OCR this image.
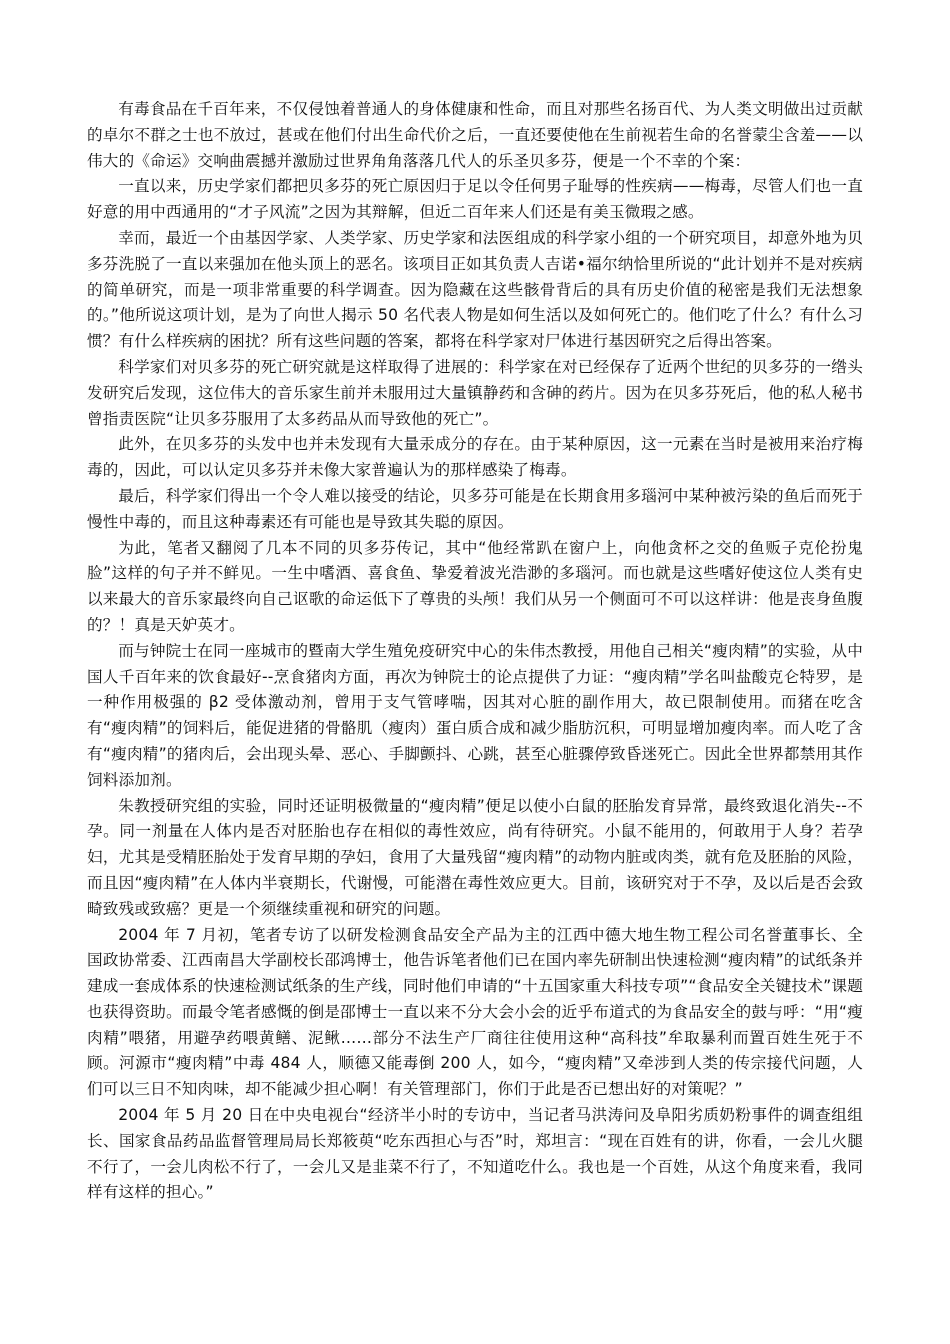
有毒食品在千百年来，不仅侵蚀着普通人的身体健康和性命，而且对那些名扬百代、为人类文明做出过贡献的卓尔不群之士也不放过，甚或在他们付出生命代价之后，一直还要使他在生前视若生命的名誉蒙尘含羞——以伟大的《命运》交响曲震撼并激励过世界角角落落几代人的乐圣贝多芬，便是一个不幸的个案：

一直以来，历史学家们都把贝多芬的死亡原因归于足以令任何男子耻辱的性疾病——梅毒，尽管人们也一直好意的用中西通用的“才子风流”之因为其辩解，但近二百年来人们还是有美玉微瑕之感。

幸而，最近一个由基因学家、人类学家、历史学家和法医组成的科学家小组的一个研究项目，却意外地为贝多芬洗脱了一直以来强加在他头顶上的恶名。该项目正如其负责人吉诺•福尔纳恰里所说的“此计划并不是对疾病的简单研究，而是一项非常重要的科学调查。因为隐藏在这些骸骨背后的具有历史价值的秘密是我们无法想象的。”他所说这项计划，是为了向世人揭示 50 名代表人物是如何生活以及如何死亡的。他们吃了什么？有什么习惯？有什么样疾病的困扰？所有这些问题的答案，都将在科学家对尸体进行基因研究之后得出答案。

科学家们对贝多芬的死亡研究就是这样取得了进展的：科学家在对已经保存了近两个世纪的贝多芬的一绺头发研究后发现，这位伟大的音乐家生前并未服用过大量镇静药和含砷的药片。因为在贝多芬死后，他的私人秘书曾指责医院“让贝多芬服用了太多药品从而导致他的死亡”。

此外，在贝多芬的头发中也并未发现有大量汞成分的存在。由于某种原因，这一元素在当时是被用来治疗梅毒的，因此，可以认定贝多芬并未像大家普遍认为的那样感染了梅毒。

最后，科学家们得出一个令人难以接受的结论，贝多芬可能是在长期食用多瑙河中某种被污染的鱼后而死于慢性中毒的，而且这种毒素还有可能也是导致其失聪的原因。

为此，笔者又翻阅了几本不同的贝多芬传记，其中“他经常趴在窗户上，向他贪杯之交的鱼贩子克伦扮鬼脸”这样的句子并不鲜见。一生中嗜酒、喜食鱼、挚爱着波光浩渺的多瑙河。而也就是这些嗜好使这位人类有史以来最大的音乐家最终向自己讴歌的命运低下了尊贵的头颅！我们从另一个侧面可不可以这样讲：他是丧身鱼腹的？！真是天妒英才。

而与钟院士在同一座城市的暨南大学生殖免疫研究中心的朱伟杰教授，用他自己相关“瘦肉精”的实验，从中国人千百年来的饮食最好--烹食猪肉方面，再次为钟院士的论点提供了力证：“瘦肉精”学名叫盐酸克仑特罗，是一种作用极强的 β2 受体激动剂，曾用于支气管哮喘，因其对心脏的副作用大，故已限制使用。而猪在吃含有“瘦肉精”的饲料后，能促进猪的骨骼肌（瘦肉）蛋白质合成和减少脂肪沉积，可明显增加瘦肉率。而人吃了含有“瘦肉精”的猪肉后，会出现头晕、恶心、手脚颤抖、心跳，甚至心脏骤停致昏迷死亡。因此全世界都禁用其作饲料添加剂。

朱教授研究组的实验，同时还证明极微量的“瘦肉精”便足以使小白鼠的胚胎发育异常，最终致退化消失--不孕。同一剂量在人体内是否对胚胎也存在相似的毒性效应，尚有待研究。小鼠不能用的，何敢用于人身？若孕妇，尤其是受精胚胎处于发育早期的孕妇，食用了大量残留“瘦肉精”的动物内脏或肉类，就有危及胚胎的风险，而且因“瘦肉精”在人体内半衰期长，代谢慢，可能潜在毒性效应更大。目前，该研究对于不孕，及以后是否会致畸致残或致癌？更是一个须继续重视和研究的问题。

2004 年 7 月初，笔者专访了以研发检测食品安全产品为主的江西中德大地生物工程公司名誉董事长、全国政协常委、江西南昌大学副校长邵鸿博士，他告诉笔者他们已在国内率先研制出快速检测“瘦肉精”的试纸条并建成一套成体系的快速检测试纸条的生产线，同时他们申请的“十五国家重大科技专项”“食品安全关键技术”课题也获得资助。而最令笔者感慨的倒是邵博士一直以来不分大会小会的近乎布道式的为食品安全的鼓与呼：“用“瘦肉精”喂猪，用避孕药喂黄鳝、泥鳅……部分不法生产厂商往往使用这种“高科技”牟取暴利而置百姓生死于不顾。河源市“瘦肉精”中毒 484 人，顺德又能毒倒 200 人，如今，“瘦肉精”又牵涉到人类的传宗接代问题，人们可以三日不知肉味，却不能减少担心啊！有关管理部门，你们于此是否已想出好的对策呢？”

2004 年 5 月 20 日在中央电视台“经济半小时的专访中，当记者马洪涛问及阜阳劣质奶粉事件的调查组组长、国家食品药品监督管理局局长郑筱萸“吃东西担心与否”时，郑坦言：“现在百姓有的讲，你看，一会儿火腿不行了，一会儿肉松不行了，一会儿又是韭菜不行了，不知道吃什么。我也是一个百姓，从这个角度来看，我同样有这样的担心。”
